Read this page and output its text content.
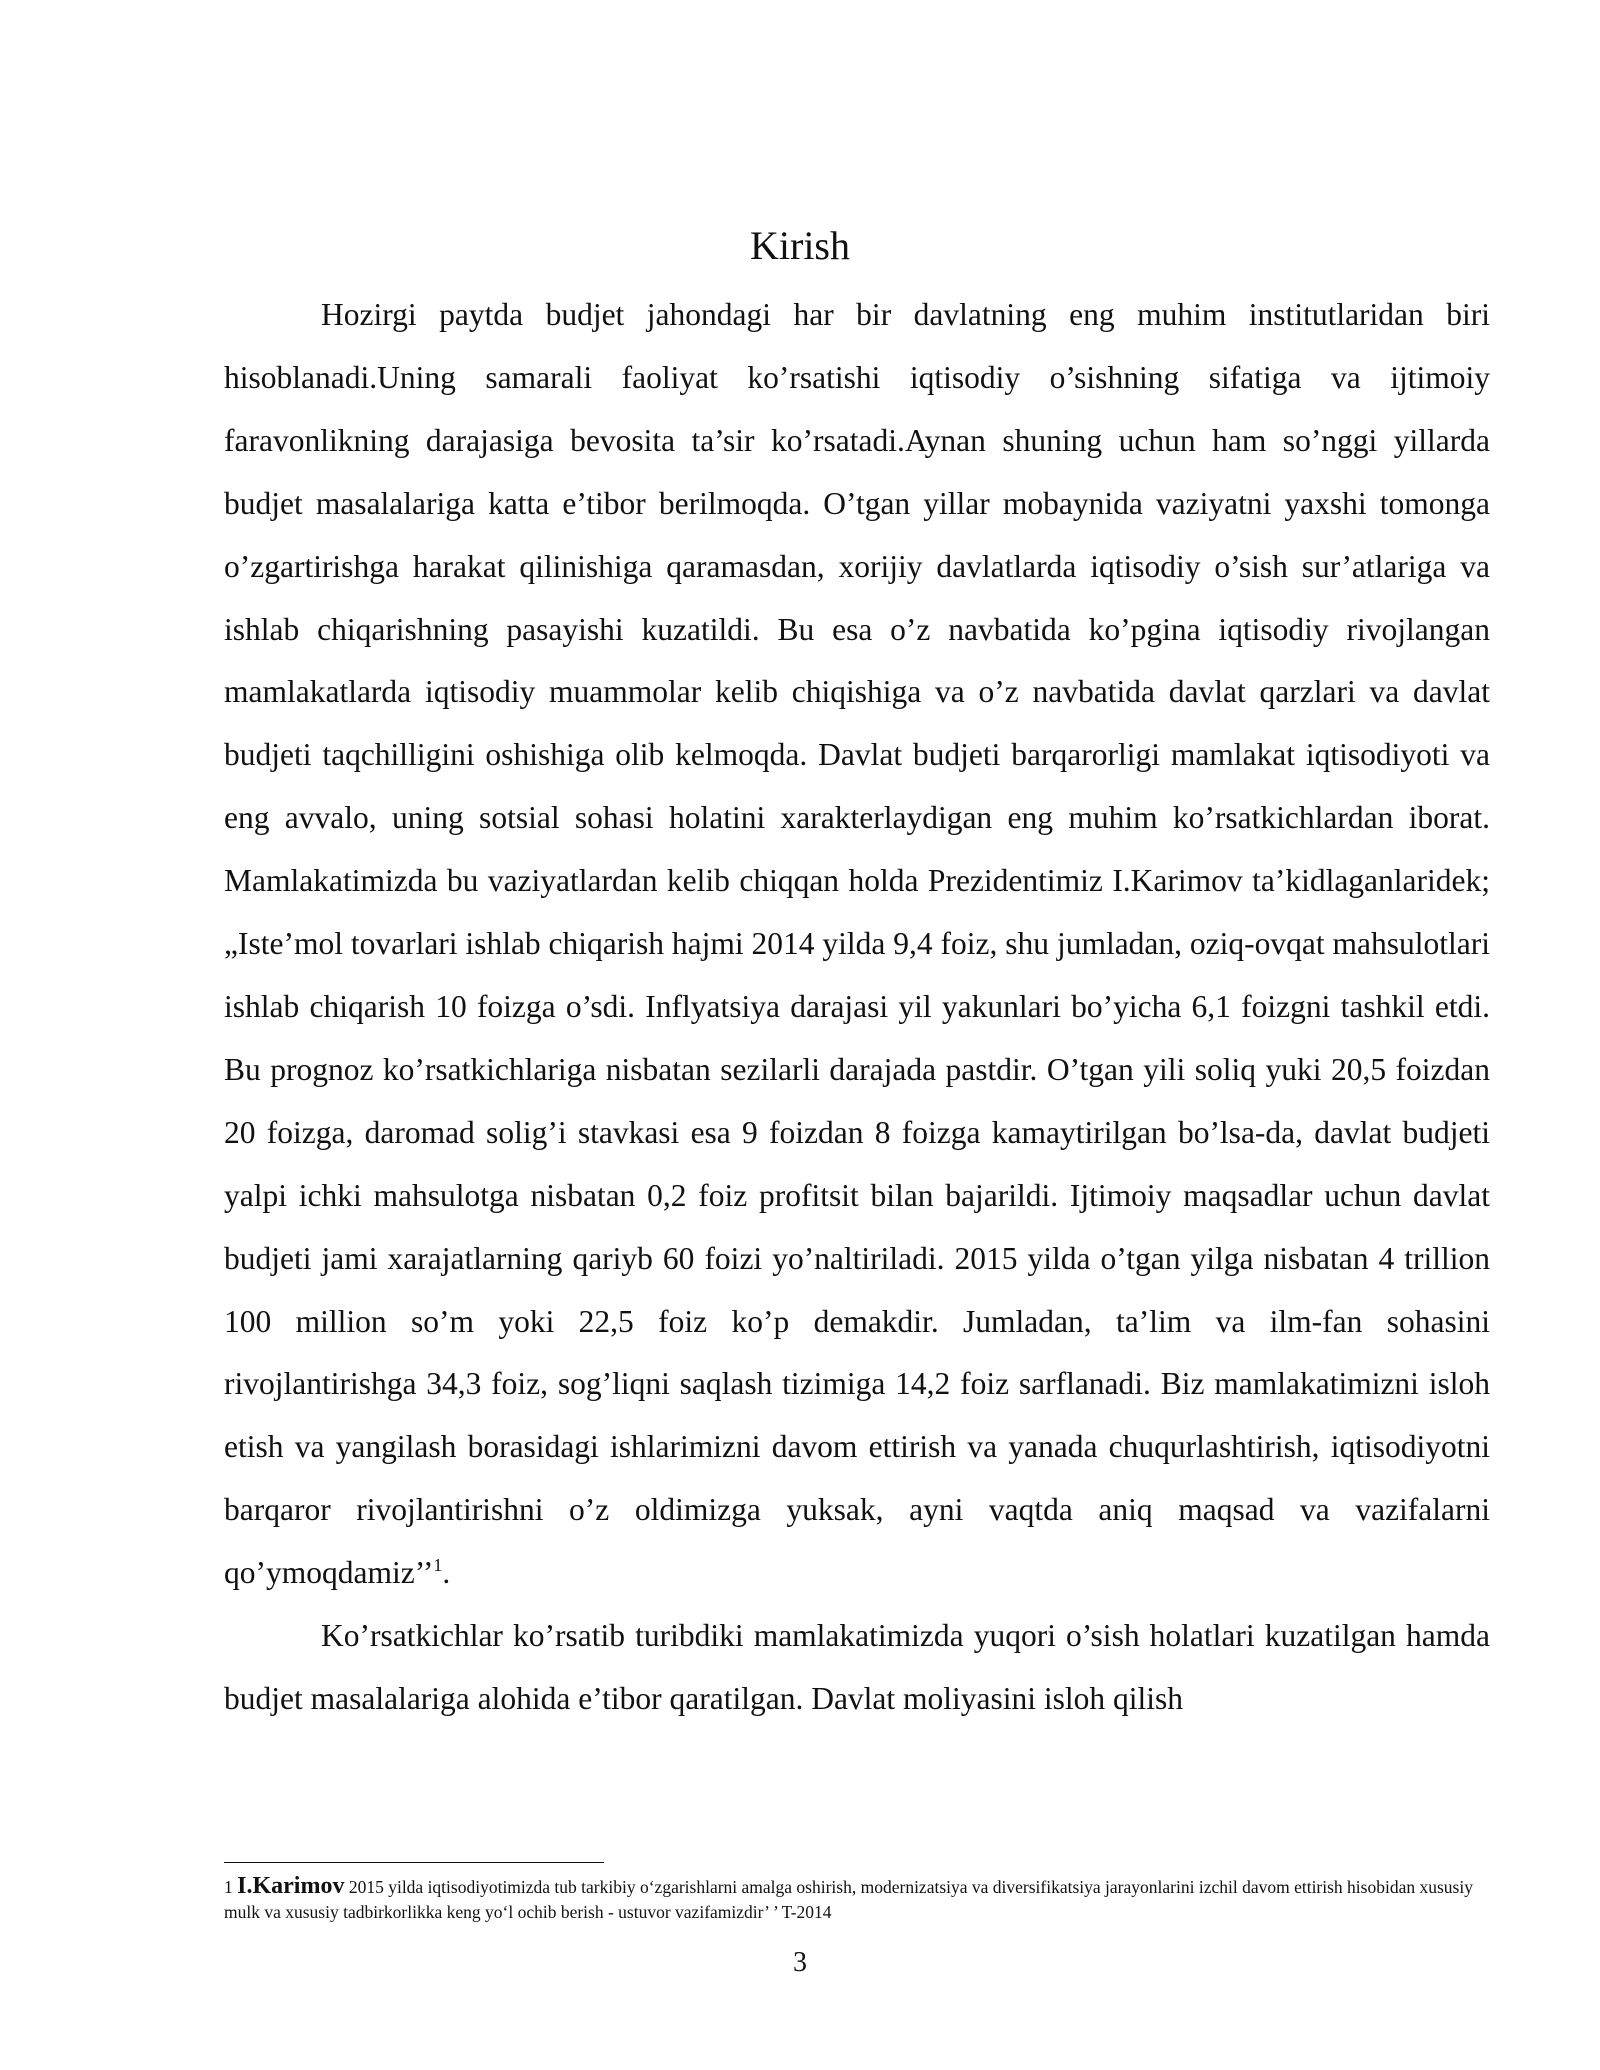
Kirish

Hozirgi paytda budjet jahondagi har bir davlatning eng muhim institutlaridan biri hisoblanadi.Uning samarali faoliyat ko’rsatishi iqtisodiy o’sishning sifatiga va ijtimoiy faravonlikning darajasiga bevosita ta’sir ko’rsatadi.Aynan shuning uchun ham so’nggi yillarda budjet masalalariga katta e’tibor berilmoqda. O’tgan yillar mobaynida vaziyatni yaxshi tomonga o’zgartirishga harakat qilinishiga qaramasdan, xorijiy davlatlarda iqtisodiy o’sish sur’atlariga va ishlab chiqarishning pasayishi kuzatildi. Bu esa o’z navbatida ko’pgina iqtisodiy rivojlangan mamlakatlarda iqtisodiy muammolar kelib chiqishiga va o’z navbatida davlat qarzlari va davlat budjeti taqchilligini oshishiga olib kelmoqda. Davlat budjeti barqarorligi mamlakat iqtisodiyoti va eng avvalo, uning sotsial sohasi holatini xarakterlaydigan eng muhim ko’rsatkichlardan iborat. Mamlakatimizda bu vaziyatlardan kelib chiqqan holda Prezidentimiz I.Karimov ta’kidlaganlaridek; „Iste’mol tovarlari ishlab chiqarish hajmi 2014 yilda 9,4 foiz, shu jumladan, oziq-ovqat mahsulotlari ishlab chiqarish 10 foizga o’sdi. Inflyatsiya darajasi yil yakunlari bo’yicha 6,1 foizgni tashkil etdi. Bu prognoz ko’rsatkichlariga nisbatan sezilarli darajada pastdir. O’tgan yili soliq yuki 20,5 foizdan 20 foizga, daromad solig’i stavkasi esa 9 foizdan 8 foizga kamaytirilgan bo’lsa-da, davlat budjeti yalpi ichki mahsulotga nisbatan 0,2 foiz profitsit bilan bajarildi. Ijtimoiy maqsadlar uchun davlat budjeti jami xarajatlarning qariyb 60 foizi yo’naltiriladi. 2015 yilda o’tgan yilga nisbatan 4 trillion 100 million so’m yoki 22,5 foiz ko’p demakdir. Jumladan, ta’lim va ilm-fan sohasini rivojlantirishga 34,3 foiz, sog’liqni saqlash tizimiga 14,2 foiz sarflanadi. Biz mamlakatimizni isloh etish va yangilash borasidagi ishlarimizni davom ettirish va yanada chuqurlashtirish, iqtisodiyotni barqaror rivojlantirishni o’z oldimizga yuksak, ayni vaqtda aniq maqsad va vazifalarni qo’ymoqdamiz’’$^1$.

Ko’rsatkichlar ko’rsatib turibdiki mamlakatimizda yuqori o’sish holatlari kuzatilgan hamda budjet masalalariga alohida e’tibor qaratilgan. Davlat moliyasini isloh qilish

1 I.Karimov 2015 yilda iqtisodiyotimizda tub tarkibiy o‘zgarishlarni amalga oshirish, modernizatsiya va diversifikatsiya jarayonlarini izchil davom ettirish hisobidan xususiy mulk va xususiy tadbirkorlikka keng yo‘l ochib berish - ustuvor vazifamizdir’ ’ T-2014

3
